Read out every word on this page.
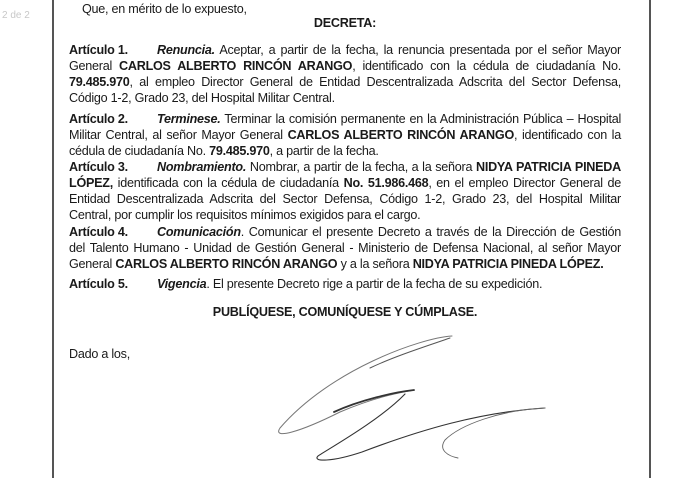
2 de 2	Que, en mérito de lo expuesto,
DECRETA:
Artículo 1. Renuncia. Aceptar, a partir de la fecha, la renuncia presentada por el señor Mayor General CARLOS ALBERTO RINCÓN ARANGO, identificado con la cédula de ciudadanía No. 79.485.970, al empleo Director General de Entidad Descentralizada Adscrita del Sector Defensa, Código 1-2, Grado 23, del Hospital Militar Central.
Artículo 2. Terminese. Terminar la comisión permanente en la Administración Pública – Hospital Militar Central, al señor Mayor General CARLOS ALBERTO RINCÓN ARANGO, identificado con la cédula de ciudadanía No. 79.485.970, a partir de la fecha.
Artículo 3. Nombramiento. Nombrar, a partir de la fecha, a la señora NIDYA PATRICIA PINEDA LÓPEZ, identificada con la cédula de ciudadanía No. 51.986.468, en el empleo Director General de Entidad Descentralizada Adscrita del Sector Defensa, Código 1-2, Grado 23, del Hospital Militar Central, por cumplir los requisitos mínimos exigidos para el cargo.
Artículo 4. Comunicación. Comunicar el presente Decreto a través de la Dirección de Gestión del Talento Humano - Unidad de Gestión General - Ministerio de Defensa Nacional, al señor Mayor General CARLOS ALBERTO RINCÓN ARANGO y a la señora NIDYA PATRICIA PINEDA LÓPEZ.
Artículo 5. Vigencia. El presente Decreto rige a partir de la fecha de su expedición.
PUBLÍQUESE, COMUNÍQUESE Y CÚMPLASE.
Dado a los,
